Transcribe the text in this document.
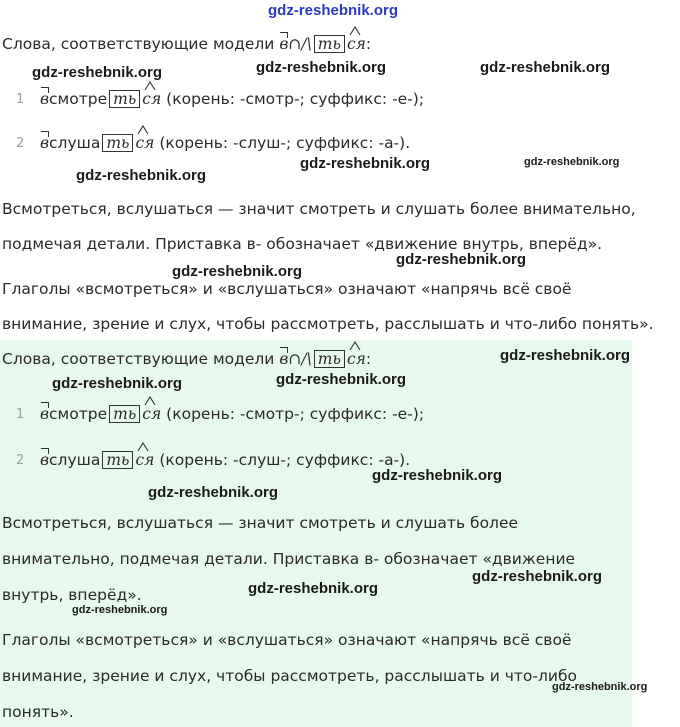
gdz-reshebnik.org
Слова, соответствующие модели в∩/\ ть ся:
gdz-reshebnik.org	gdz-reshebnik.org	gdz-reshebnik.org
1 всмотре ть ся (корень: -смотр-; суффикс: -е-);
2 вслуша ть ся (корень: -слуш-; суффикс: -а-).
gdz-reshebnik.org	gdz-reshebnik.org
gdz-reshebnik.org
Всмотреться, вслушаться — значит смотреть и слушать более внимательно,
подмечая детали. Приставка в- обозначает «движение внутрь, вперёд».
gdz-reshebnik.org
gdz-reshebnik.org
Глаголы «всмотреться» и «вслушаться» означают «напрячь всё своё
внимание, зрение и слух, чтобы рассмотреть, расслышать и что-либо понять».
Слова, соответствующие модели в∩/\ ть ся:	gdz-reshebnik.org
gdz-reshebnik.org
gdz-reshebnik.org
1 всмотре ть ся (корень: -смотр-; суффикс: -е-);
2 вслуша ть ся (корень: -слуш-; суффикс: -а-).
gdz-reshebnik.org
gdz-reshebnik.org
Всмотреться, вслушаться — значит смотреть и слушать более
внимательно, подмечая детали. Приставка в- обозначает «движение
gdz-reshebnik.org
внутрь, вперёд».	gdz-reshebnik.org
gdz-reshebnik.org
Глаголы «всмотреться» и «вслушаться» означают «напрячь всё своё
внимание, зрение и слух, чтобы рассмотреть, расслышать и что-либо
gdz-reshebnik.org
понять».
